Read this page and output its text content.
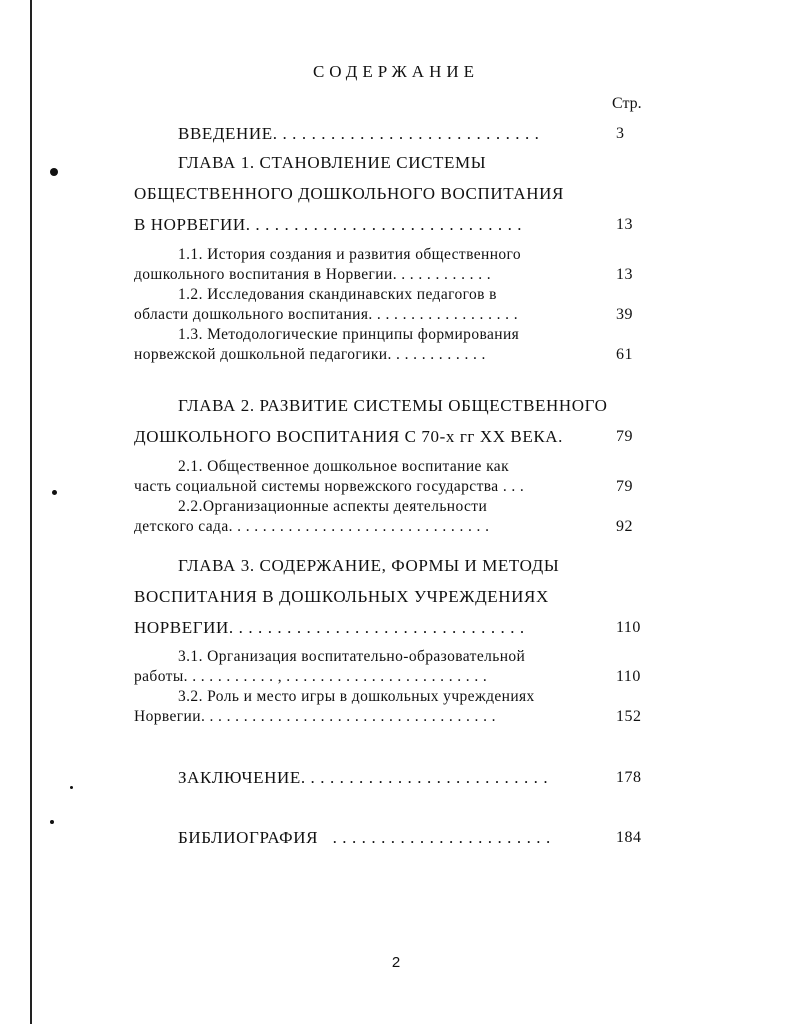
СОДЕРЖАНИЕ
Стр.
ВВЕДЕНИЕ. . . . . . . . . . . . . . . . . . . . . . . . . . . .	3
ГЛАВА 1. СТАНОВЛЕНИЕ СИСТЕМЫ
ОБЩЕСТВЕННОГО ДОШКОЛЬНОГО ВОСПИТАНИЯ
В НОРВЕГИИ. . . . . . . . . . . . . . . . . . . . . . . . . . . . .	13
1.1. История создания и развития общественного
дошкольного воспитания в Норвегии. . . . . . . . . . . .	13
1.2. Исследования скандинавских педагогов в
области дошкольного воспитания. . . . . . . . . . . . . . . . . .	39
1.3. Методологические принципы формирования
норвежской дошкольной педагогики. . . . . . . . . . . .	61
ГЛАВА 2. РАЗВИТИЕ СИСТЕМЫ ОБЩЕСТВЕННОГО
ДОШКОЛЬНОГО ВОСПИТАНИЯ С 70-х гг XX ВЕКА.	79
2.1. Общественное дошкольное воспитание как
часть социальной системы норвежского государства . . .	79
2.2.Организационные аспекты деятельности
детского сада. . . . . . . . . . . . . . . . . . . . . . . . . . . . . . .	92
ГЛАВА 3. СОДЕРЖАНИЕ, ФОРМЫ И МЕТОДЫ
ВОСПИТАНИЯ В ДОШКОЛЬНЫХ УЧРЕЖДЕНИЯХ
НОРВЕГИИ. . . . . . . . . . . . . . . . . . . . . . . . . . . . . . .	110
3.1. Организация воспитательно-образовательной
работы. . . . . . . . . . . , . . . . . . . . . . . . . . . . . . . . . . . .	110
3.2. Роль и место игры в дошкольных учреждениях
Норвегии. . . . . . . . . . . . . . . . . . . . . . . . . . . . . . . . . . .	152
ЗАКЛЮЧЕНИЕ. . . . . . . . . . . . . . . . . . . . . . . . . .	178
БИБЛИОГРАФИЯ   . . . . . . . . . . . . . . . . . . . . . . .	184
2
